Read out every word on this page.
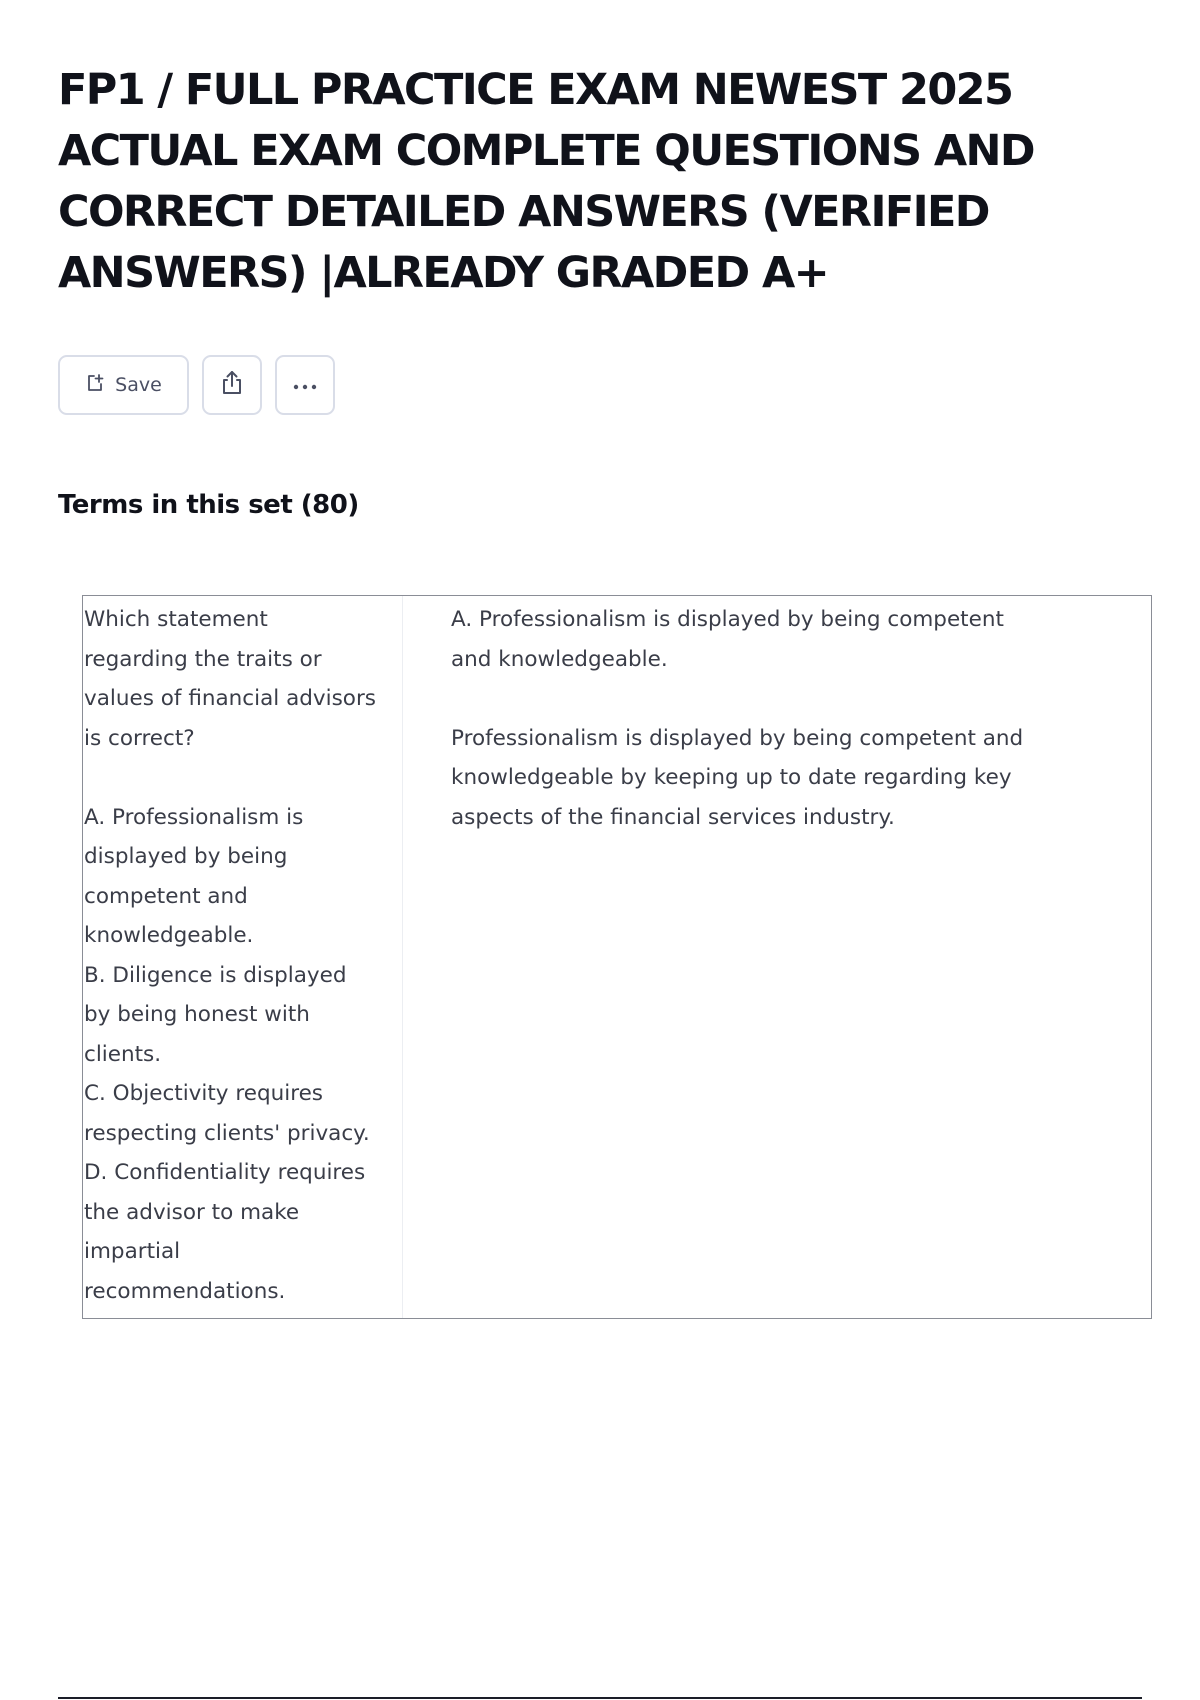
FP1 / FULL PRACTICE EXAM NEWEST 2025
ACTUAL EXAM COMPLETE QUESTIONS AND
CORRECT DETAILED ANSWERS (VERIFIED
ANSWERS) |ALREADY GRADED A+
Save
Terms in this set (80)
Which statement
regarding the traits or
values of financial advisors
is correct?
A. Professionalism is
displayed by being
competent and
knowledgeable.
B. Diligence is displayed
by being honest with
clients.
C. Objectivity requires
respecting clients' privacy.
D. Confidentiality requires
the advisor to make
impartial
recommendations.
A. Professionalism is displayed by being competent
and knowledgeable.
Professionalism is displayed by being competent and
knowledgeable by keeping up to date regarding key
aspects of the financial services industry.
